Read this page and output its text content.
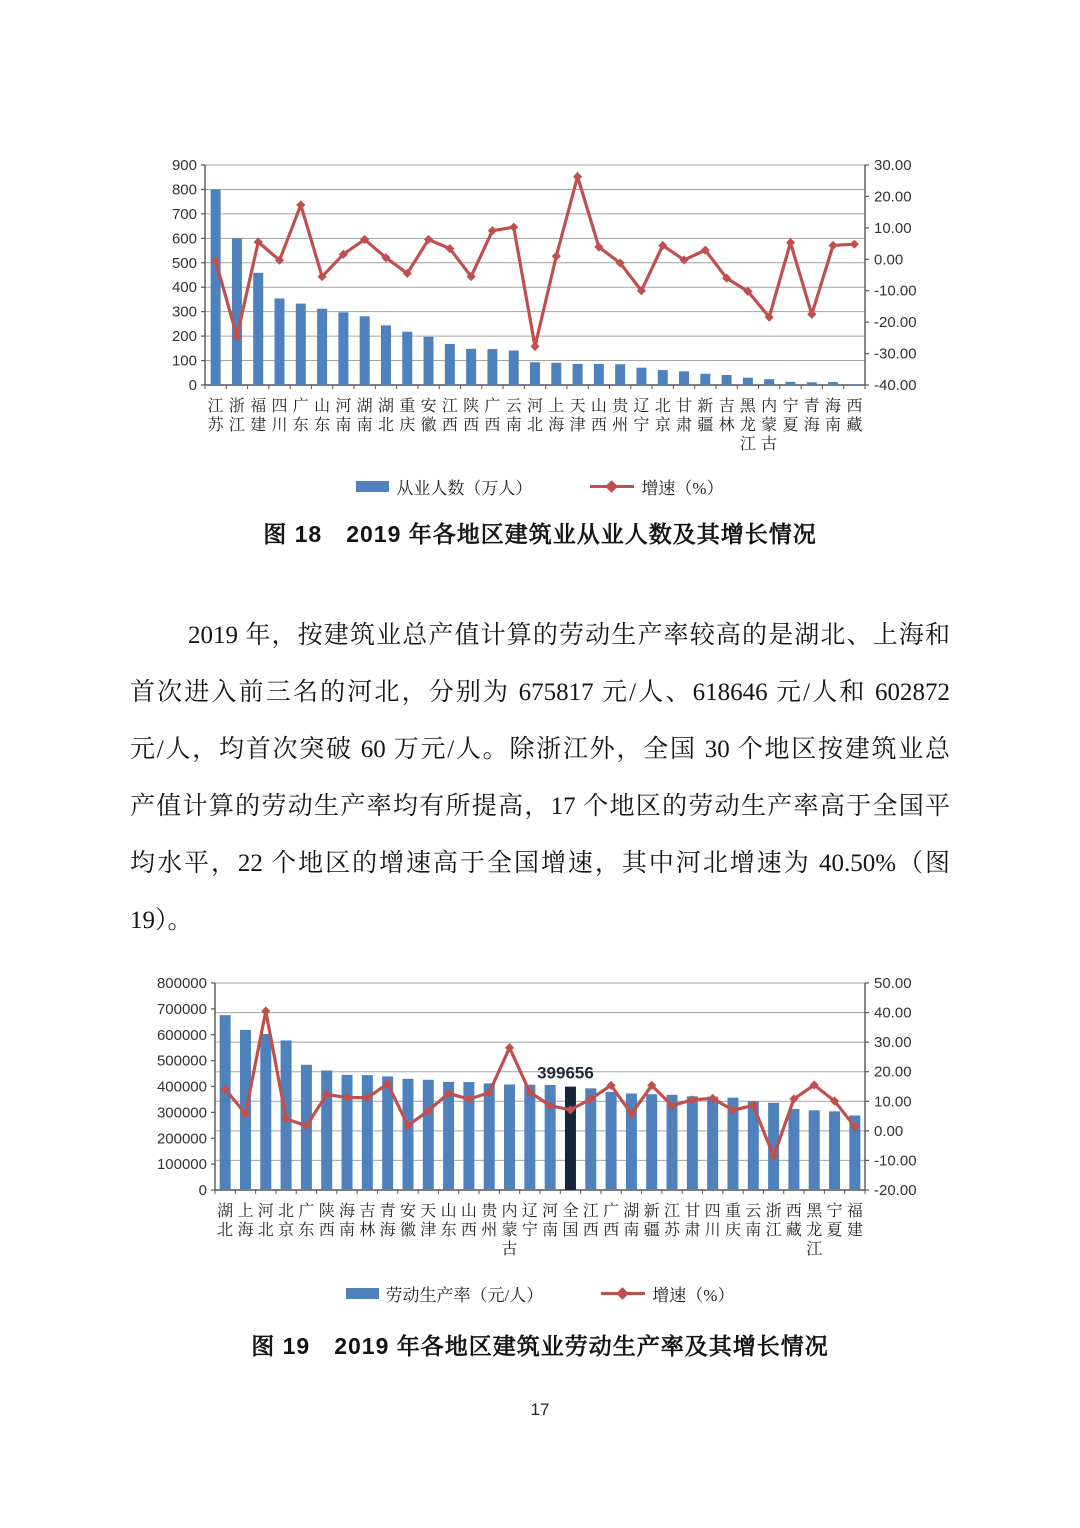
900
800
700
600
500
400
300
200
100
0
30.00
20.00
10.00
0.00
-10.00
-20.00
-30.00
-40.00
江苏
浙江
福建
四川
广东
山东
河南
湖南
湖北
重庆
安徽
江西
陕西
广西
云南
河北
上海
天津
山西
贵州
辽宁
北京
甘肃
新疆
吉林
黑龙江
内蒙古
宁夏
青海
海南
西藏
从业人数（万人）	增速（%）
图 18　2019 年各地区建筑业从业人数及其增长情况
2019 年，按建筑业总产值计算的劳动生产率较高的是湖北、上海和
首次进入前三名的河北，分别为 675817 元/人、618646 元/人和 602872
元/人，均首次突破 60 万元/人。除浙江外，全国 30 个地区按建筑业总
产值计算的劳动生产率均有所提高，17 个地区的劳动生产率高于全国平
均水平，22 个地区的增速高于全国增速，其中河北增速为 40.50%（图
19）。
800000
700000
600000
500000
400000
300000
200000
100000
0
50.00
40.00
30.00
20.00
10.00
0.00
-10.00
-20.00
湖北
上海
河北
北京
广东
陕西
海南
吉林
青海
安徽
天津
山东
山西
贵州
内蒙古
辽宁
河南
全国
江西
广西
湖南
新疆
江苏
甘肃
四川
重庆
云南
浙江
西藏
黑龙江
宁夏
福建
399656
劳动生产率（元/人）	增速（%）
图 19　2019 年各地区建筑业劳动生产率及其增长情况
17
